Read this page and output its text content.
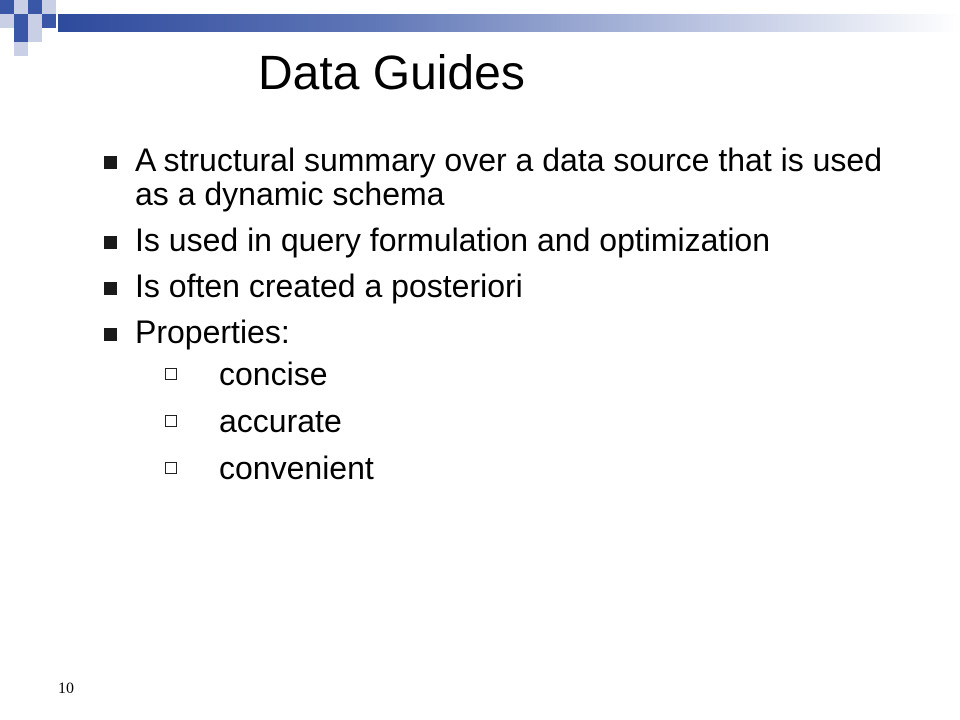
Data Guides
A structural summary over a data source that is used as a dynamic schema
Is used in query formulation and optimization
Is often created a posteriori
Properties:
concise
accurate
convenient
10
